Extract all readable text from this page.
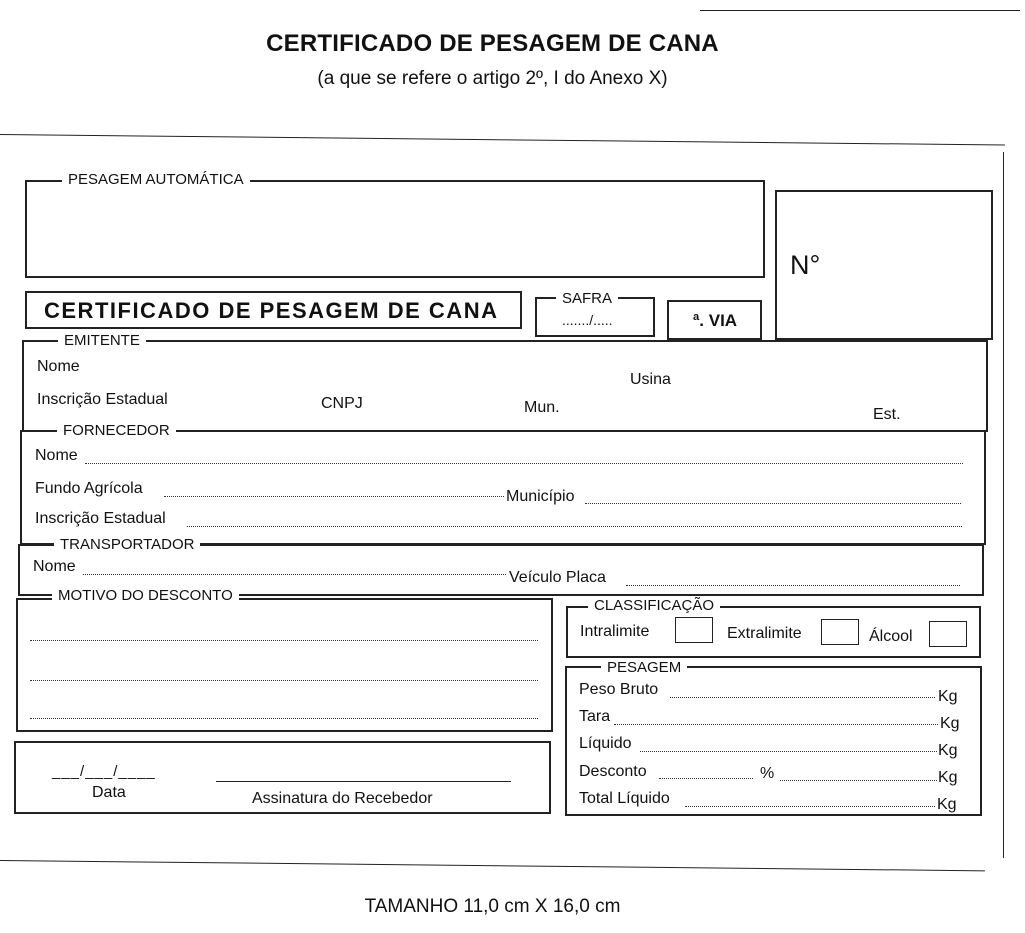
CERTIFICADO DE PESAGEM DE CANA
(a que se refere o artigo 2º, I do Anexo X)
PESAGEM AUTOMÁTICA
N°
CERTIFICADO DE PESAGEM DE CANA	SAFRA
......./.....	ª. VIA
EMITENTE
Nome
Usina
Inscrição Estadual	CNPJ	Mun.	Est.
FORNECEDOR
Nome
Fundo Agrícola	Município
Inscrição Estadual
TRANSPORTADOR
Nome
Veículo Placa
MOTIVO DO DESCONTO
CLASSIFICAÇÃO
Intralimite	Extralimite	Álcool
PESAGEM
Peso Bruto	Kg
Tara	Kg
Líquido	Kg
Desconto	%	Kg
Total Líquido	Kg
___/___/____
Data	Assinatura do Recebedor
TAMANHO 11,0 cm X 16,0 cm
